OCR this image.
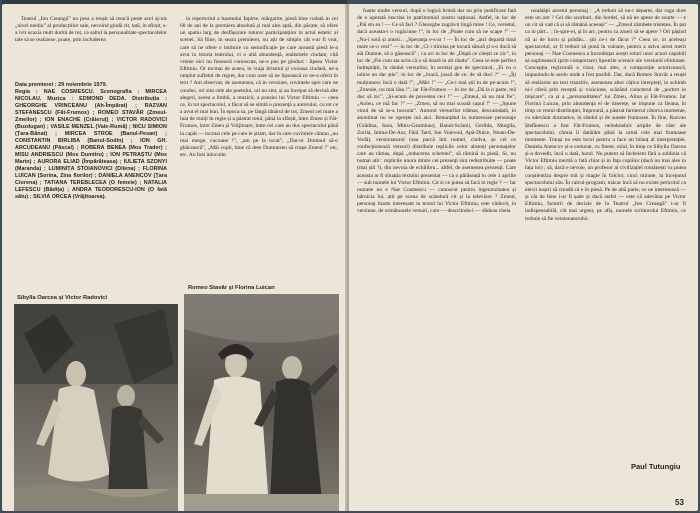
Teatrul „Ion Creangă” nu prea a reușit să treacă peste acel aj-nis „nivel mediu” al producțiilor sale, nevoind gindă cit, tată, in sfirșit, s-a ivit ocazia mult dorită de tot, ca saltul la personalitate spectacolelor tale să se realizeze, poate, prin includerea

Data premierei : 29 noiembrie 1979.
Regia : NAE COSMESCU. Scenografia : MIRCEA NICOLAU. Muzica : EDMOND DEDA. Distribuția : GHEORGHE VRINCEANU (Ah-Împărat) ; RAZVAN STEFANESCU (Făt-Frumos) ; ROMEO STAVĂR (Zmeul-Zmeilor) ; ION ENACHE (Crăieruț) ; VICTOR RADOVICI (Buzdugan) ; VASILE MENZEL (Vale-Rumă) ; NICU SIMION (Țara-Bănat) ; MIRCEA STROE (Banul-Pesan) ; CONSTANTIN BIRLIBA (Banul-Sodin) ; ION GH. ARCUDEANU (Păscal) ; ROBERA BENEA (Mos Trader) ; MISU ANDRIESCU (Mos Dumitru) ; ION PETRAȘTU (Mos Marin) ; AURORA ELIAD (Împărăteasa) ; IULIETA SZONYI (Maranda) ; LUMINIȚA STOIANOVICI (Dilena) ; FLORINA LUICAN (Sorina, Zina florilor) ; DANIELA ANENCOV (Țara Ciorena) ; TATIANA TEREBLECEA (O femeie) ; NATALIA LEFESCU (Bădița) ; ANDRA TEODORESCU-ION (O fată sătu) ; SILVIA ORCEA (Vrăjitoarea).

in repertoriul a basmului Înpirte, mărgarite, piesă bine rodată in cei 68 de ani de la premiera absolută și mai ales aptă, din păcate, să ofere un spatiu larg de desfășurare tuturor participanților la actul estetic al scenei. Să fiine, in seara premierei, nu ațit de simplu cât s-ar fi vrut, care să ne ofere o intilnire cu semnificație pe care această piesă le-a avut in istoria teatrului, ci o altă abundență, realismele ciudate, cită vreme nici nu fuseseră cunoscute, ne-a pus pe ginduri : lipsea Victor Eftimiu. Or tocmai de aceea, in vraja lirismul și voioasa ciudată, ne-a umplut sufletul de regret, dar cum oare să ne lipsească ce ne-a oferit în text ? Am observat, de asemenea, că in versiune, cuvintele spre care ne conduc, ori sint cele ale poetului, ori nu sint, și au început să devină alte alegeri, aceea a limbii, a muzicii, a poeziei lui Victor Eftimiu — ceea ce, în tot spectacolul, a făcut să se simtă o prezență a autorului, cu tot ce a avut el mai bun. În epoca sa, pe lângă tânărul de tot, Zmeul cel mare a luat de mulți în regie și a păstrat totul, până la sfârșit, între Zmeu și Făt-Frumos, între Zmeu și Vrăjitoare, între cei care au dus spectacolul până la capăt — tocmai cele pe care le știam, dar în care cuvintele cântau „nu mai merge, cucoane !”, „am pe la tocat”, „Dar-or Domnul să-o ghăcească”, „Măi copii, bine că dete Dumnezeu să crape Zmeul !” etc, etc. Au fost inlocuite.

Sibylla Oarcea și Victor Radovici
Romeo Stavăr și Florina Luican

foarte multe versuri, după o logică lirimă dar nu prin justificare fată de o operată inscrisa in patrimoniul nostru național. Astfel, in loc de „Păi stu ea ! — Ce să faci ? Gheorghe zugrăvit lingă mine ! Ce, versetul, dacă aceasta-i o rugăciune !”, in loc de „Poate cum să ne scape !” — „Nu-i soră și zmeii... „Speranța e-s-ar ! — În loc de „aici departă timă mare ce-o vezi” — in loc de „Ci-i trimisa pe locură sătură și s-o ducă să aiă Dumne, să o găsească” ; ca ori in loc de „După ce citești ce zic”, in loc de „Fie cum sta scris că o să doară in alt rându”. Ceea ce este perfect îndreptățit, în rândul versurilor, în același gen de spectacol, „Ei cu o iubire un dar știe”, in loc de „Joacă, joacă de ce, de să duci ?” — „Îți mulțumesc încă o dată !”, „Mări !” — „Ce-i mai știi tu de pe-acum !”, „Zmeule, nu mai lăsa !”, iar Făt-Frumos — in loc de „Dă la o parte, mă duc să zic”, „Și-acum de povestea ce-i !” — „Zmeul, să nu mai fie”, „Aoleu, ce mă fac ?” — „Zmeu, să nu mai scoată capul !” — „Spune vinul de să se-a bucurat”. Autorul versurilor trămas, deocamdată, in anonimat nu se oprește ină aici. Renunțând la numeroase personaje (Grădina, Sura, Mitru-Geambau), Banul-Scămii, Gerilda, Murgila, Zorila, Inima-De-Aur, Fără Tard, Ion Voievod, Apă-Dulce, Neam-De-Vodă), versionatorul (sau parcă îmi numel, cindva, șe cel ce confecționează versuri) distribuie replicile celor absenți personajelor care au rămas, după „reducerea schemei”, să rămină in piesă. Si, nu numai atit : replicile unora dintre cei prezenți sint redistribuite — poate (mai știi ?), din nevoia de echilibru... altfel, de asemenea prezenți. Care aceasta ar fi situația textului prezentat — ca o părăseață in cele 1 aprilie — sub numele lui Victor Eftimiu. Cit si ce putea să facă in regie ? — Iar numele nu e Nae Cosmescu — cunoscut pentru ingeniozitatea și hărnicia lui, atit pe scena de scândură cit și la televizor ? Zmeul, personaj foarte interesant in textul lui Victor Eftimiu, este văduvit, in versiune, de următoarele versuri, care — descriindu-l — dădeau cheia

nouătății acestui personaj : „A trebuit să nu-t departe, dar ruga dure este un om ? Cel din scorburi, din bordei, să nă ne apese de soarte — e un cit să vad că și să rămână aceeași” — „Zmeul zâmbete tristețea. În pat ca in pârt... ; în-spre-el, și în arc, pentru ca zmeii să se apere ? Ori pășind nă ai de lucru și prădău... știi ce-i de făcut ?” Ceea ce, in aceleași spectacolul, ar fi trebuit să pună în valoare, pentru a salva acest merit personaj — Nae Cosmescu a încredințat acești roluri unor actori capabili să suplinească (prin comportare) lipsurile scenice ale versiunii eliminate. Concepția regizorală a vizat, mai ales, o compoziție actoricească, impunindu-le acelo unde a fost posibil. Dar, dacă Romeo Stavăr a reușit să realizeze un text tranzitiv, asemenea altor câțiva interpreți, in schimb ni-l oferă prin receptă și vioiciune, scăzând caracterul de „portret in mișcare”, ca și a „personalitatea” lui Zmeu, Alina și Făt-Frumos. Iar Florina Luican, prin abundența ei de tinerețe, se impune ca Ileana, în timp ce restul distribuției, împreună, a păstrat farmecul câtorva momente, cu adevărat dramatice, în rândul și de sunete frumoase. În fine, Razvan Ștefănescu a fost Făt-Frumos, neîndoielnic aripile de vânt ale spectacolului, căruia îi datărăm până la urmă cele mai frumoase momente. Totuși nu este locul pentru a face un bilanț al interpretației. Daniela Anencov și-a creionat, cu finete, rolul, în timp ce Sibylla Oarcea și-a dovedit, încă o dată, harul. Nu putem să încheiem fără a sublinia că Victor Eftimiu merită o fată chiar și in fața copiilor (dacă nu mai ales in fața lor) ; să, dacă e nevoie, un profesor al civilizației românești va putea conștientiza despre mit și magie în folclor, cinci minute, la începutul spectacolului său. În calcul-program, măcar încă să nu existe pericolul ca elevii noștri să creadă că e în piesă. Pe de altă parte, ce ne interesează — și cât de bine i-ar fi șade și dacă astfel — este că adevărat pe Victor Eftimiu, factorii de decizie de la Teatrul „Ion Creangă” i-ar fi indispensabilă, cât mai urgent, pe afiș, numele scriitorului Eftimiu, ce trebuie să fie versionatorului.

Paul Tutungiu
53
